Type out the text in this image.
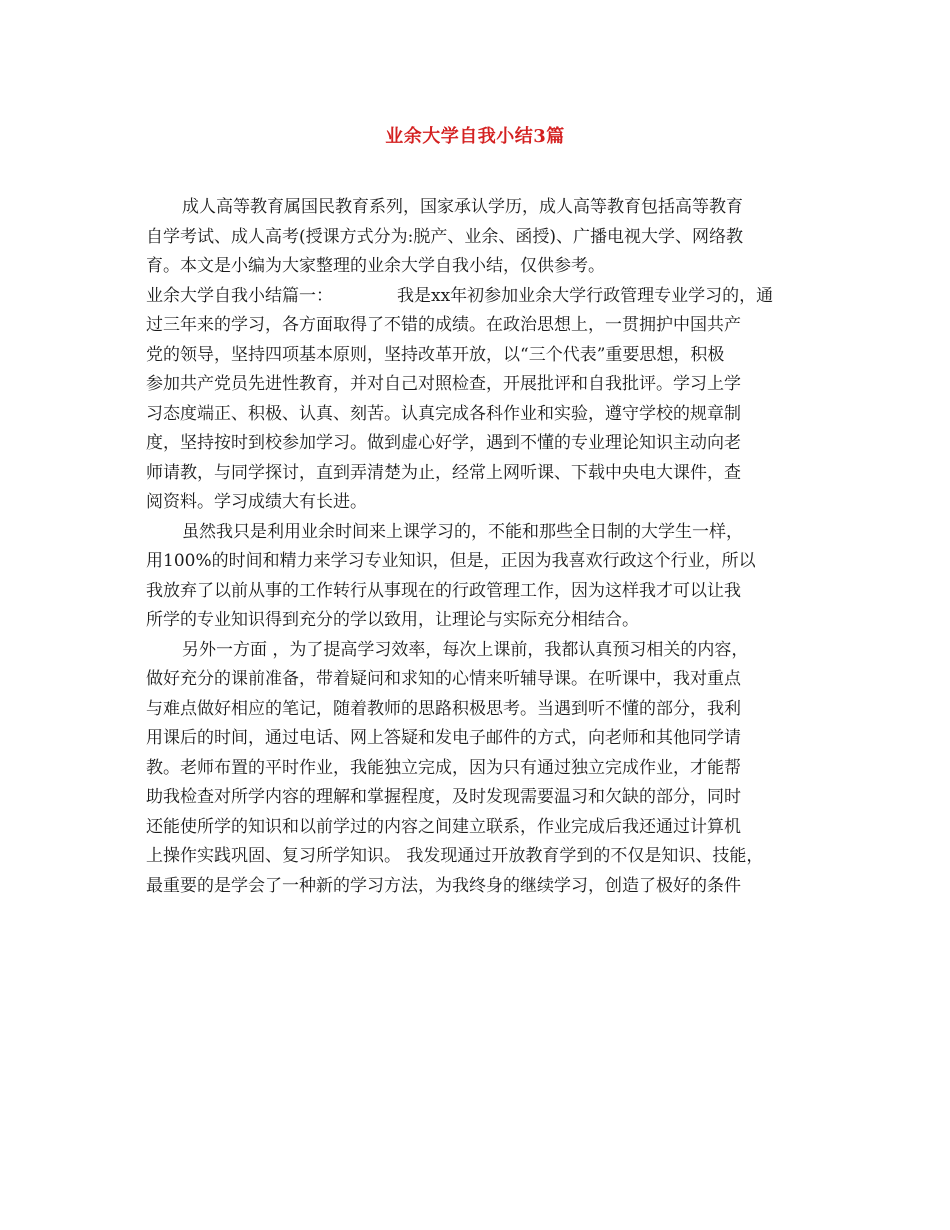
业余大学自我小结3篇
成人高等教育属国民教育系列，国家承认学历，成人高等教育包括高等教育
自学考试、成人高考(授课方式分为:脱产、业余、函授)、广播电视大学、网络教
育。本文是小编为大家整理的业余大学自我小结，仅供参考。
业余大学自我小结篇一：	我是xx年初参加业余大学行政管理专业学习的，通
过三年来的学习，各方面取得了不错的成绩。在政治思想上，一贯拥护中国共产
党的领导，坚持四项基本原则，坚持改革开放，以“三个代表”重要思想，积极
参加共产党员先进性教育，并对自己对照检查，开展批评和自我批评。学习上学
习态度端正、积极、认真、刻苦。认真完成各科作业和实验，遵守学校的规章制
度，坚持按时到校参加学习。做到虚心好学，遇到不懂的专业理论知识主动向老
师请教，与同学探讨，直到弄清楚为止，经常上网听课、下载中央电大课件，查
阅资料。学习成绩大有长进。
虽然我只是利用业余时间来上课学习的，不能和那些全日制的大学生一样，
用100%的时间和精力来学习专业知识，但是，正因为我喜欢行政这个行业，所以
我放弃了以前从事的工作转行从事现在的行政管理工作，因为这样我才可以让我
所学的专业知识得到充分的学以致用，让理论与实际充分相结合。
另外一方面 ，为了提高学习效率，每次上课前，我都认真预习相关的内容，
做好充分的课前准备，带着疑问和求知的心情来听辅导课。在听课中，我对重点
与难点做好相应的笔记，随着教师的思路积极思考。当遇到听不懂的部分，我利
用课后的时间，通过电话、网上答疑和发电子邮件的方式，向老师和其他同学请
教。老师布置的平时作业，我能独立完成，因为只有通过独立完成作业，才能帮
助我检查对所学内容的理解和掌握程度，及时发现需要温习和欠缺的部分，同时
还能使所学的知识和以前学过的内容之间建立联系，作业完成后我还通过计算机
上操作实践巩固、复习所学知识。 我发现通过开放教育学到的不仅是知识、技能，
最重要的是学会了一种新的学习方法，为我终身的继续学习，创造了极好的条件
